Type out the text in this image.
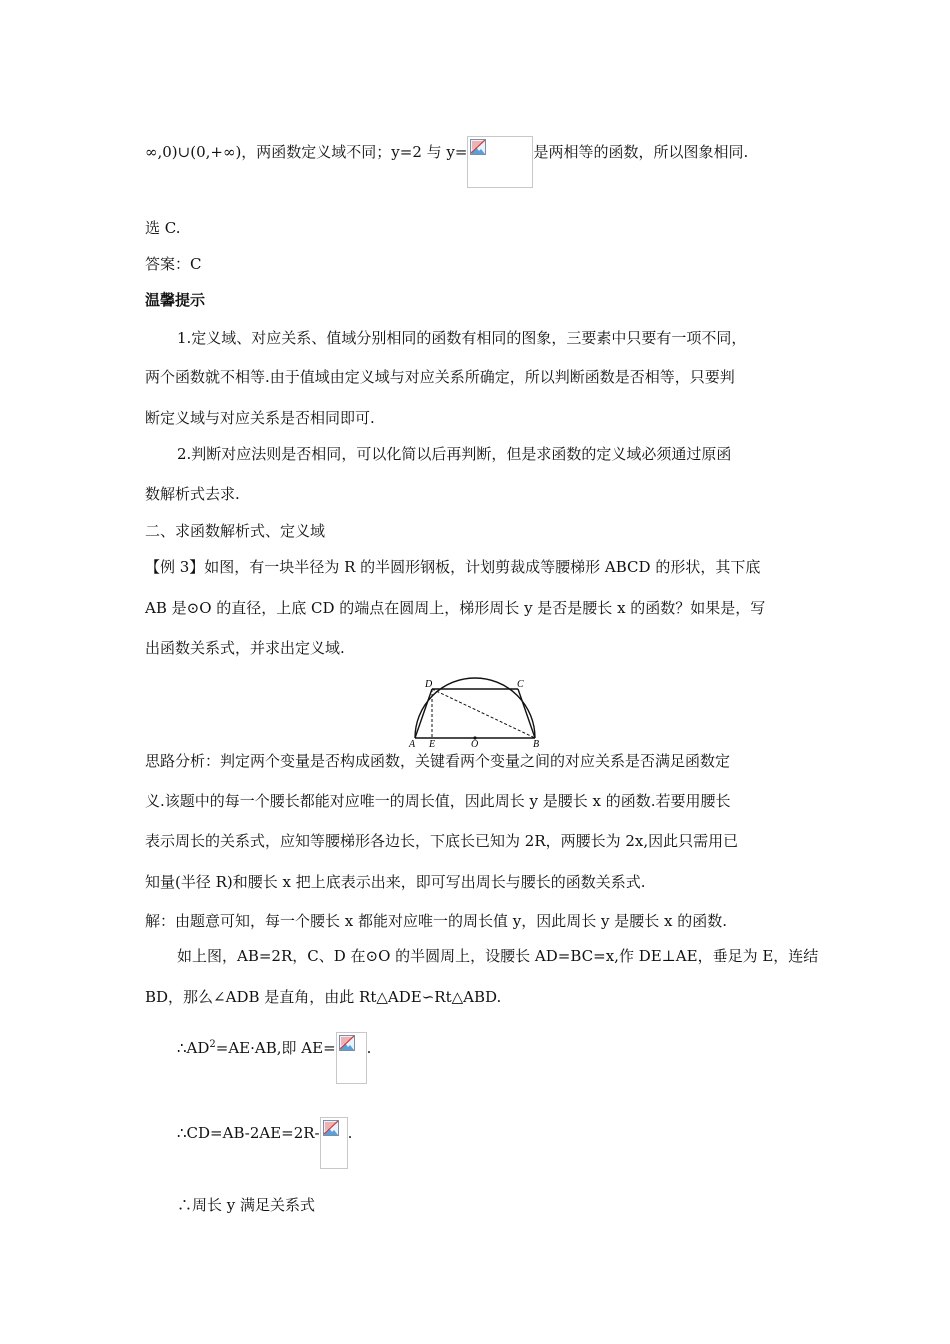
∞,0)∪(0,+∞)，两函数定义域不同；y=2 与 y=	是两相等的函数，所以图象相同.
选 C.
答案：C
温馨提示
1.定义域、对应关系、值域分别相同的函数有相同的图象，三要素中只要有一项不同，
两个函数就不相等.由于值域由定义域与对应关系所确定，所以判断函数是否相等，只要判
断定义域与对应关系是否相同即可.
2.判断对应法则是否相同，可以化简以后再判断，但是求函数的定义域必须通过原函
数解析式去求.
二、求函数解析式、定义域
【例 3】如图，有一块半径为 R 的半圆形钢板，计划剪裁成等腰梯形 ABCD 的形状，其下底
AB 是⊙O 的直径，上底 CD 的端点在圆周上，梯形周长 y 是否是腰长 x 的函数？如果是，写
出函数关系式，并求出定义域.
A E	O	B
D	C
思路分析：判定两个变量是否构成函数，关键看两个变量之间的对应关系是否满足函数定
义.该题中的每一个腰长都能对应唯一的周长值，因此周长 y 是腰长 x 的函数.若要用腰长
表示周长的关系式，应知等腰梯形各边长，下底长已知为 2R，两腰长为 2x,因此只需用已
知量(半径 R)和腰长 x 把上底表示出来，即可写出周长与腰长的函数关系式.
解：由题意可知，每一个腰长 x 都能对应唯一的周长值 y，因此周长 y 是腰长 x 的函数.
如上图，AB=2R，C、D 在⊙O 的半圆周上，设腰长 AD=BC=x,作 DE⊥AE，垂足为 E，连结
BD，那么∠ADB 是直角，由此 Rt△ADE∽Rt△ABD.
$\therefore AD^2=AE\cdot AB$,即 AE= .
∴CD=AB-2AE=2R- .
∴周长 y 满足关系式
